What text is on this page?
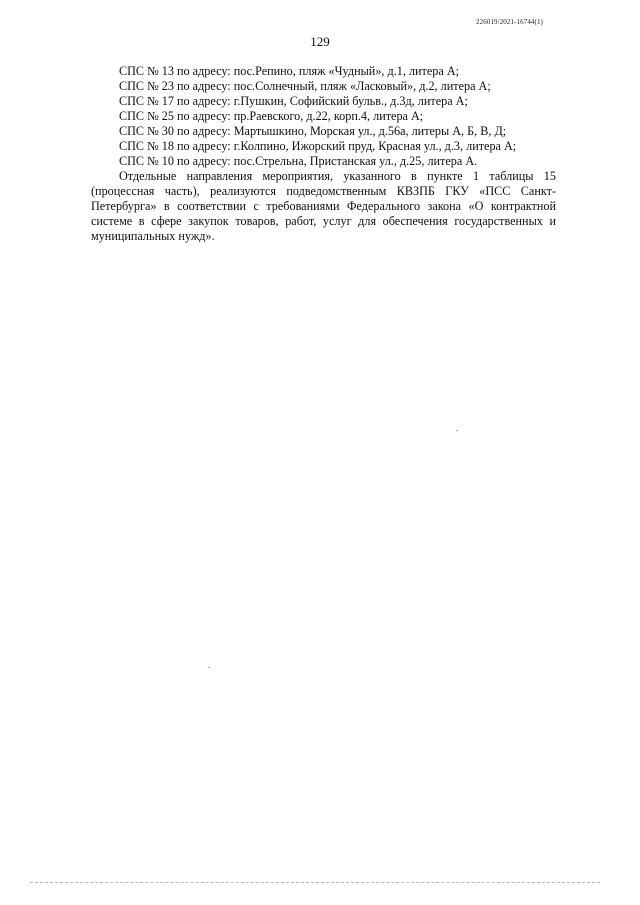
226019/2021-16744(1)
129
СПС № 13 по адресу: пос.Репино, пляж «Чудный», д.1, литера А;
СПС № 23 по адресу: пос.Солнечный, пляж «Ласковый», д.2, литера А;
СПС № 17 по адресу: г.Пушкин, Софийский бульв., д.3д, литера А;
СПС № 25 по адресу: пр.Раевского, д.22, корп.4, литера А;
СПС № 30 по адресу: Мартышкино, Морская ул., д.56а, литеры А, Б, В, Д;
СПС № 18 по адресу: г.Колпино, Ижорский пруд, Красная ул., д.3, литера А;
СПС № 10 по адресу: пос.Стрельна, Пристанская ул., д.25, литера А.
Отдельные направления мероприятия, указанного в пункте 1 таблицы 15 (процессная часть), реализуются подведомственным КВЗПБ ГКУ «ПСС Санкт-Петербурга» в соответствии с требованиями Федерального закона «О контрактной системе в сфере закупок товаров, работ, услуг для обеспечения государственных и муниципальных нужд».
